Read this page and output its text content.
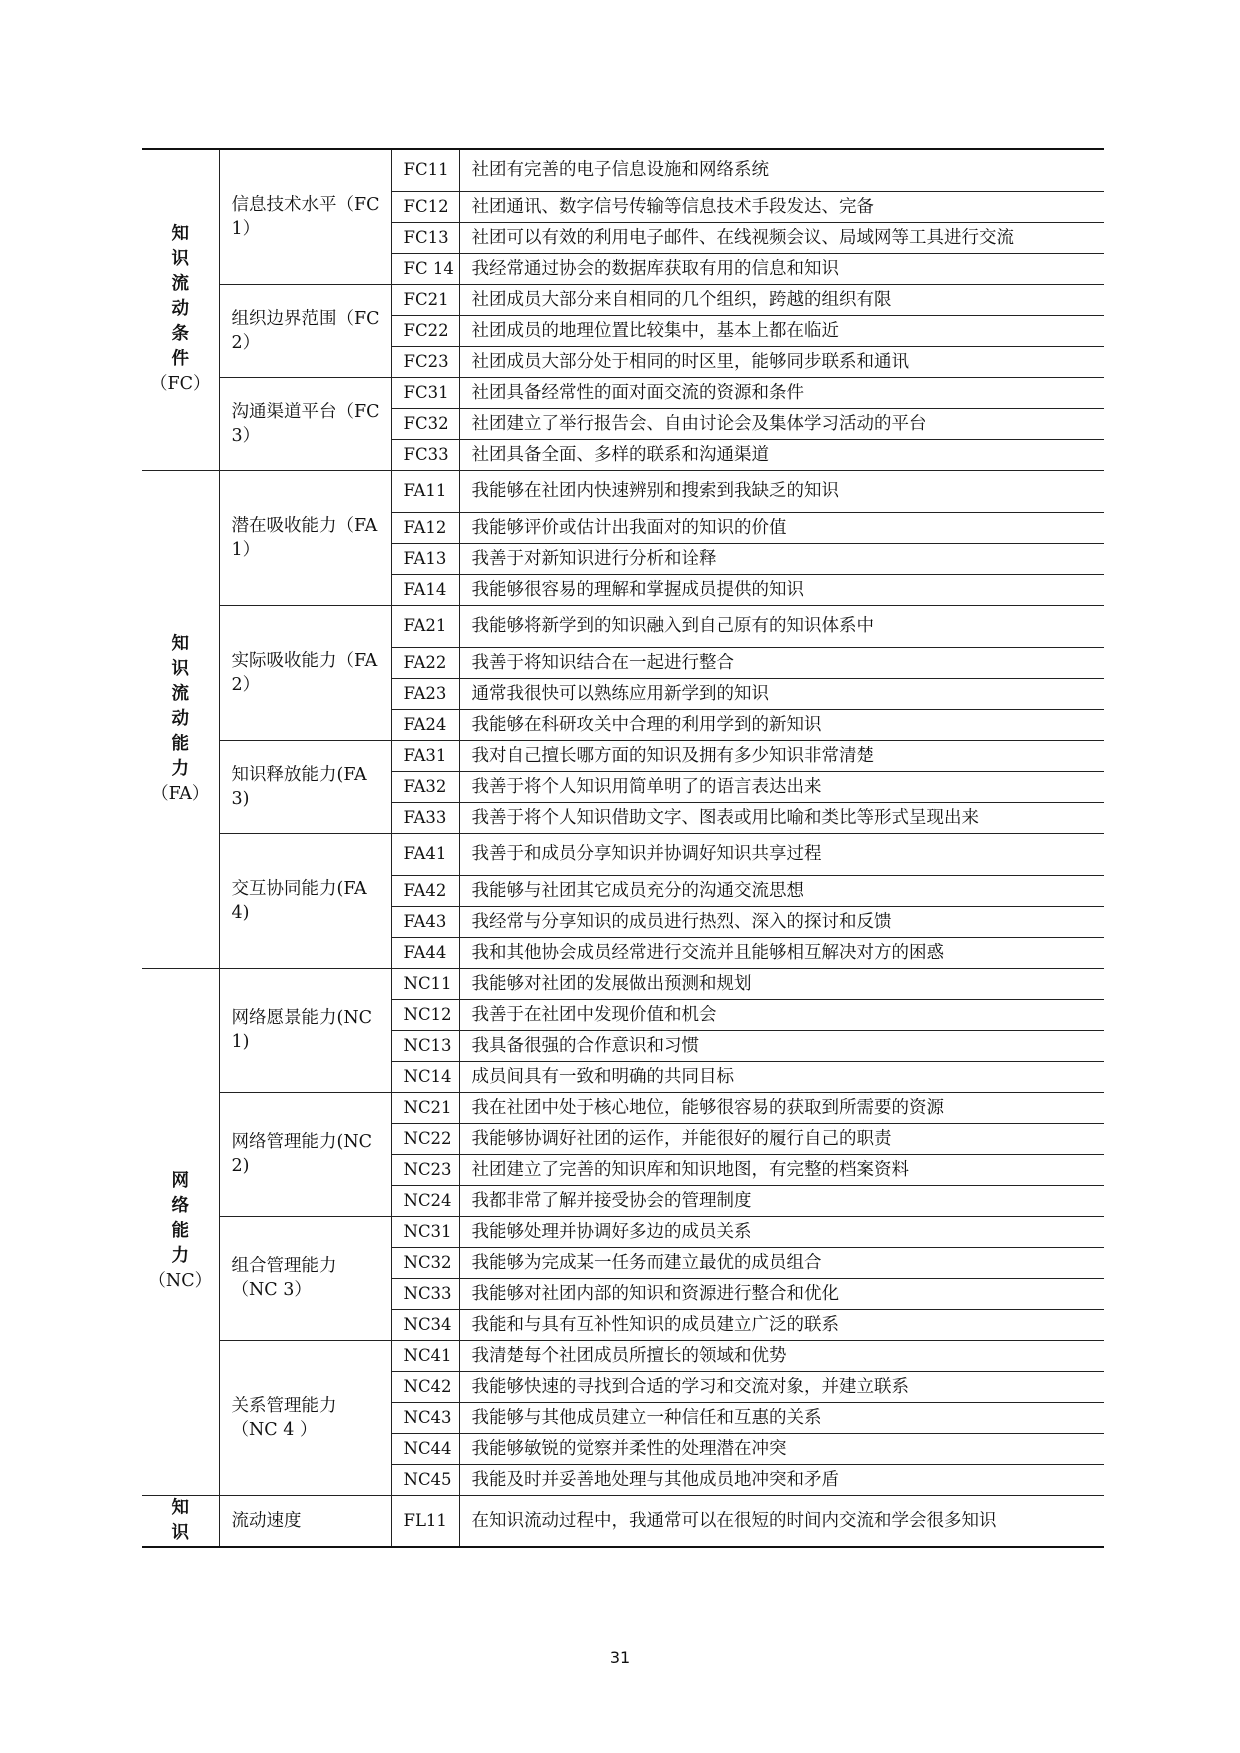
知识
流动
条件
（FC）	信息技术水平（FC 1）	FC11	社团有完善的电子信息设施和网络系统
		FC12	社团通讯、数字信号传输等信息技术手段发达、完备
		FC13	社团可以有效的利用电子邮件、在线视频会议、局域网等工具进行交流
		FC 14	我经常通过协会的数据库获取有用的信息和知识
	组织边界范围（FC 2）	FC21	社团成员大部分来自相同的几个组织，跨越的组织有限
		FC22	社团成员的地理位置比较集中，基本上都在临近
		FC23	社团成员大部分处于相同的时区里，能够同步联系和通讯
	沟通渠道平台（FC 3）	FC31	社团具备经常性的面对面交流的资源和条件
		FC32	社团建立了举行报告会、自由讨论会及集体学习活动的平台
		FC33	社团具备全面、多样的联系和沟通渠道

知识
流动
能力
（FA）	潜在吸收能力（FA 1）	FA11	我能够在社团内快速辨别和搜索到我缺乏的知识
		FA12	我能够评价或估计出我面对的知识的价值
		FA13	我善于对新知识进行分析和诠释
		FA14	我能够很容易的理解和掌握成员提供的知识
	实际吸收能力（FA 2）	FA21	我能够将新学到的知识融入到自己原有的知识体系中
		FA22	我善于将知识结合在一起进行整合
		FA23	通常我很快可以熟练应用新学到的知识
		FA24	我能够在科研攻关中合理的利用学到的新知识
	知识释放能力(FA 3)	FA31	我对自己擅长哪方面的知识及拥有多少知识非常清楚
		FA32	我善于将个人知识用简单明了的语言表达出来
		FA33	我善于将个人知识借助文字、图表或用比喻和类比等形式呈现出来
	交互协同能力(FA 4)	FA41	我善于和成员分享知识并协调好知识共享过程
		FA42	我能够与社团其它成员充分的沟通交流思想
		FA43	我经常与分享知识的成员进行热烈、深入的探讨和反馈
		FA44	我和其他协会成员经常进行交流并且能够相互解决对方的困惑

网络
能力
（NC）	网络愿景能力(NC 1)	NC11	我能够对社团的发展做出预测和规划
		NC12	我善于在社团中发现价值和机会
		NC13	我具备很强的合作意识和习惯
		NC14	成员间具有一致和明确的共同目标
	网络管理能力(NC 2)	NC21	我在社团中处于核心地位，能够很容易的获取到所需要的资源
		NC22	我能够协调好社团的运作，并能很好的履行自己的职责
		NC23	社团建立了完善的知识库和知识地图，有完整的档案资料
		NC24	我都非常了解并接受协会的管理制度
	组合管理能力（NC 3）	NC31	我能够处理并协调好多边的成员关系
		NC32	我能够为完成某一任务而建立最优的成员组合
		NC33	我能够对社团内部的知识和资源进行整合和优化
		NC34	我能和与具有互补性知识的成员建立广泛的联系
	关系管理能力（NC 4 ）	NC41	我清楚每个社团成员所擅长的领域和优势
		NC42	我能够快速的寻找到合适的学习和交流对象，并建立联系
		NC43	我能够与其他成员建立一种信任和互惠的关系
		NC44	我能够敏锐的觉察并柔性的处理潜在冲突
		NC45	我能及时并妥善地处理与其他成员地冲突和矛盾

知识	流动速度	FL11	在知识流动过程中，我通常可以在很短的时间内交流和学会很多知识
31
